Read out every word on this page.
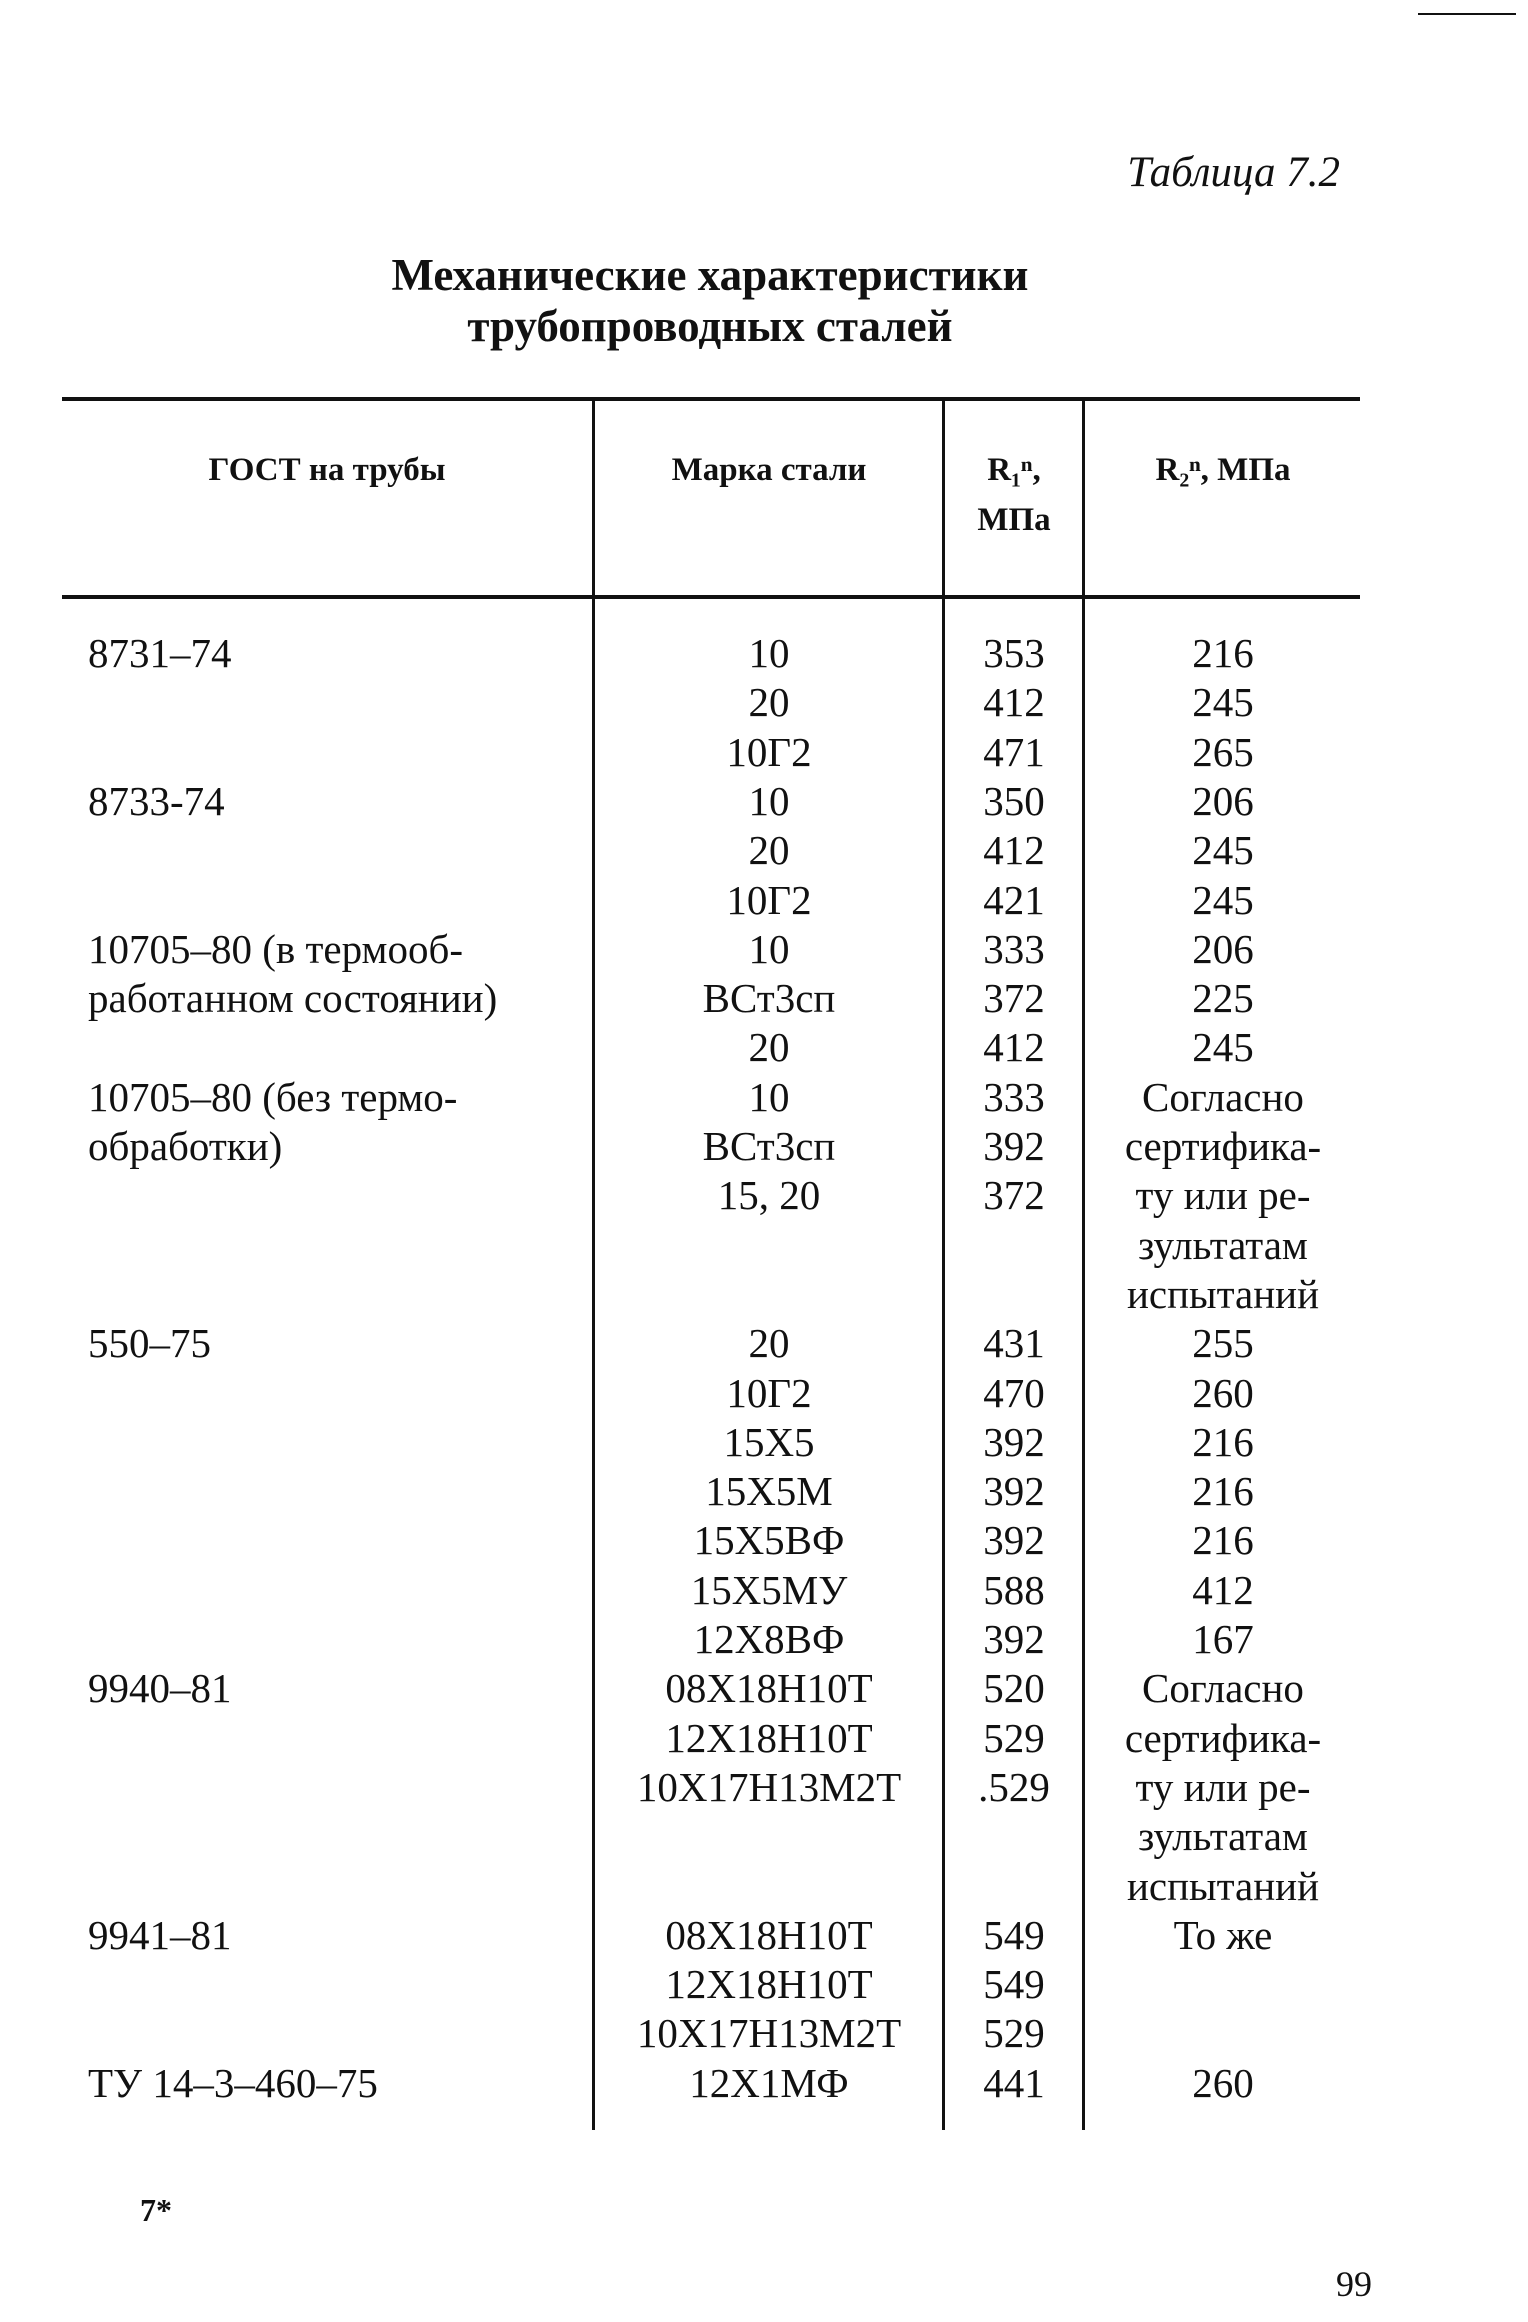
Таблица 7.2
Механические характеристики
трубопроводных сталей
ГОСТ на трубы	Марка стали	R₁ⁿ,
МПа
R₂ⁿ, МПа
8731–74
8733-74
10705–80 (в термооб-
работанном состоянии)
10705–80 (без термо-
обработки)
550–75
9940–81
9941–81
ТУ 14–3–460–75
10
20
10Г2
10
20
10Г2
10
ВСт3сп
20
10
ВСт3сп
15, 20
20
10Г2
15Х5
15Х5М
15Х5ВФ
15Х5МУ
12Х8ВФ
08Х18Н10Т
12Х18Н10Т
10Х17Н13М2Т
08Х18Н10Т
12Х18Н10Т
10Х17Н13М2Т
12Х1МФ
353
412
471
350
412
421
333
372
412
333
392
372
431
470
392
392
392
588
392
520
529
.529
549
549
529
441
216
245
265
206
245
245
206
225
245
Согласно
сертифика-
ту или ре-
зультатам
испытаний
255
260
216
216
216
412
167
Согласно
сертифика-
ту или ре-
зультатам
испытаний
То же
260
7*
99
